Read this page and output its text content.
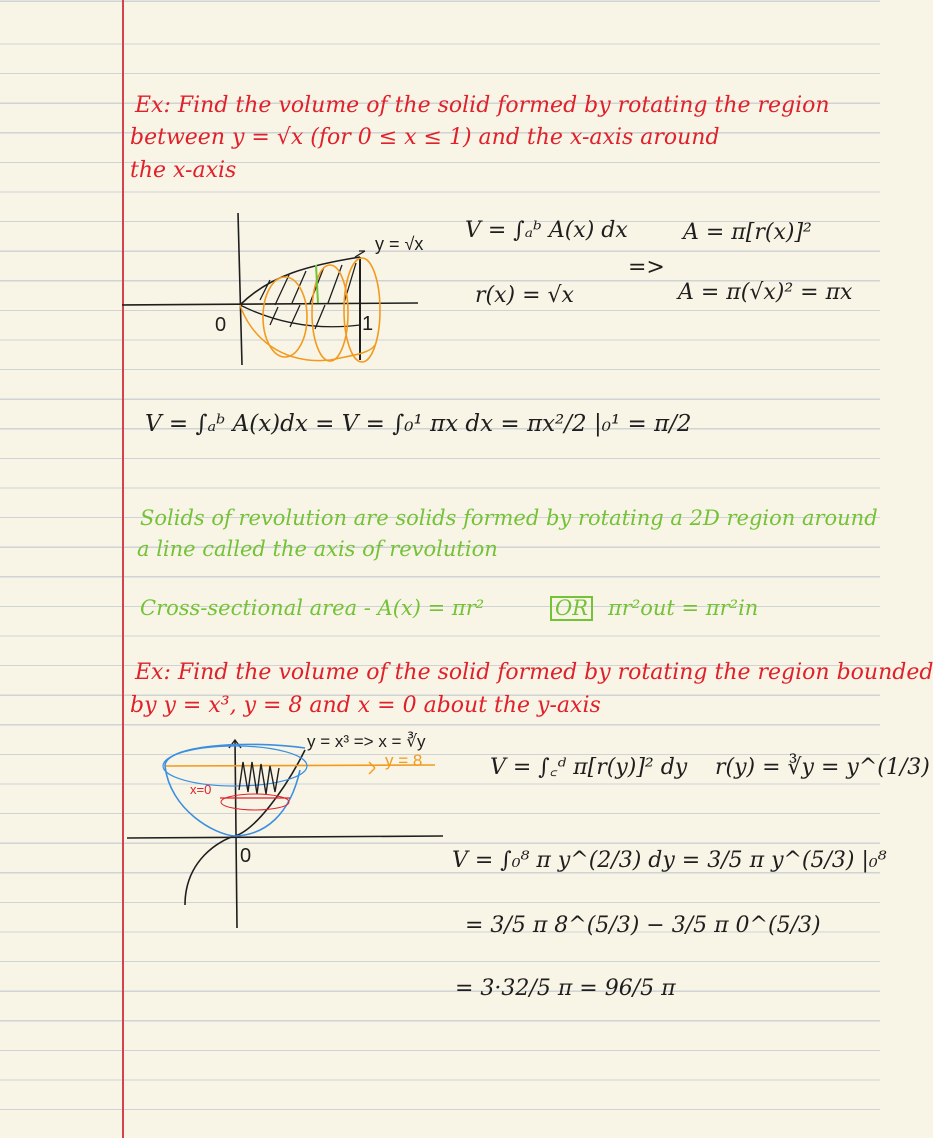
Ex: Find the volume of the solid formed by rotating the region
between y = √x (for 0 ≤ x ≤ 1) and the x-axis around
the x-axis
y = √x
0	1
V = ∫ₐᵇ A(x) dx
r(x) = √x
=>
A = π[r(x)]²
A = π(√x)² = πx
V = ∫ₐᵇ A(x)dx = V = ∫₀¹ πx dx = πx²/2 |₀¹ = π/2
Solids of revolution are solids formed by rotating a 2D region around
a line called the axis of revolution
Cross-sectional area - A(x) = πr²	OR πr²out = πr²in
Ex: Find the volume of the solid formed by rotating the region bounded
by y = x³, y = 8 and x = 0 about the y-axis
y = x³ => x = ∛y
y = 8
x=0
0
V = ∫꜀ᵈ π[r(y)]² dy r(y) = ∛y = y^(1/3)
V = ∫₀⁸ π y^(2/3) dy = 3/5 π y^(5/3) |₀⁸
= 3/5 π 8^(5/3) − 3/5 π 0^(5/3)
= 3·32/5 π = 96/5 π
